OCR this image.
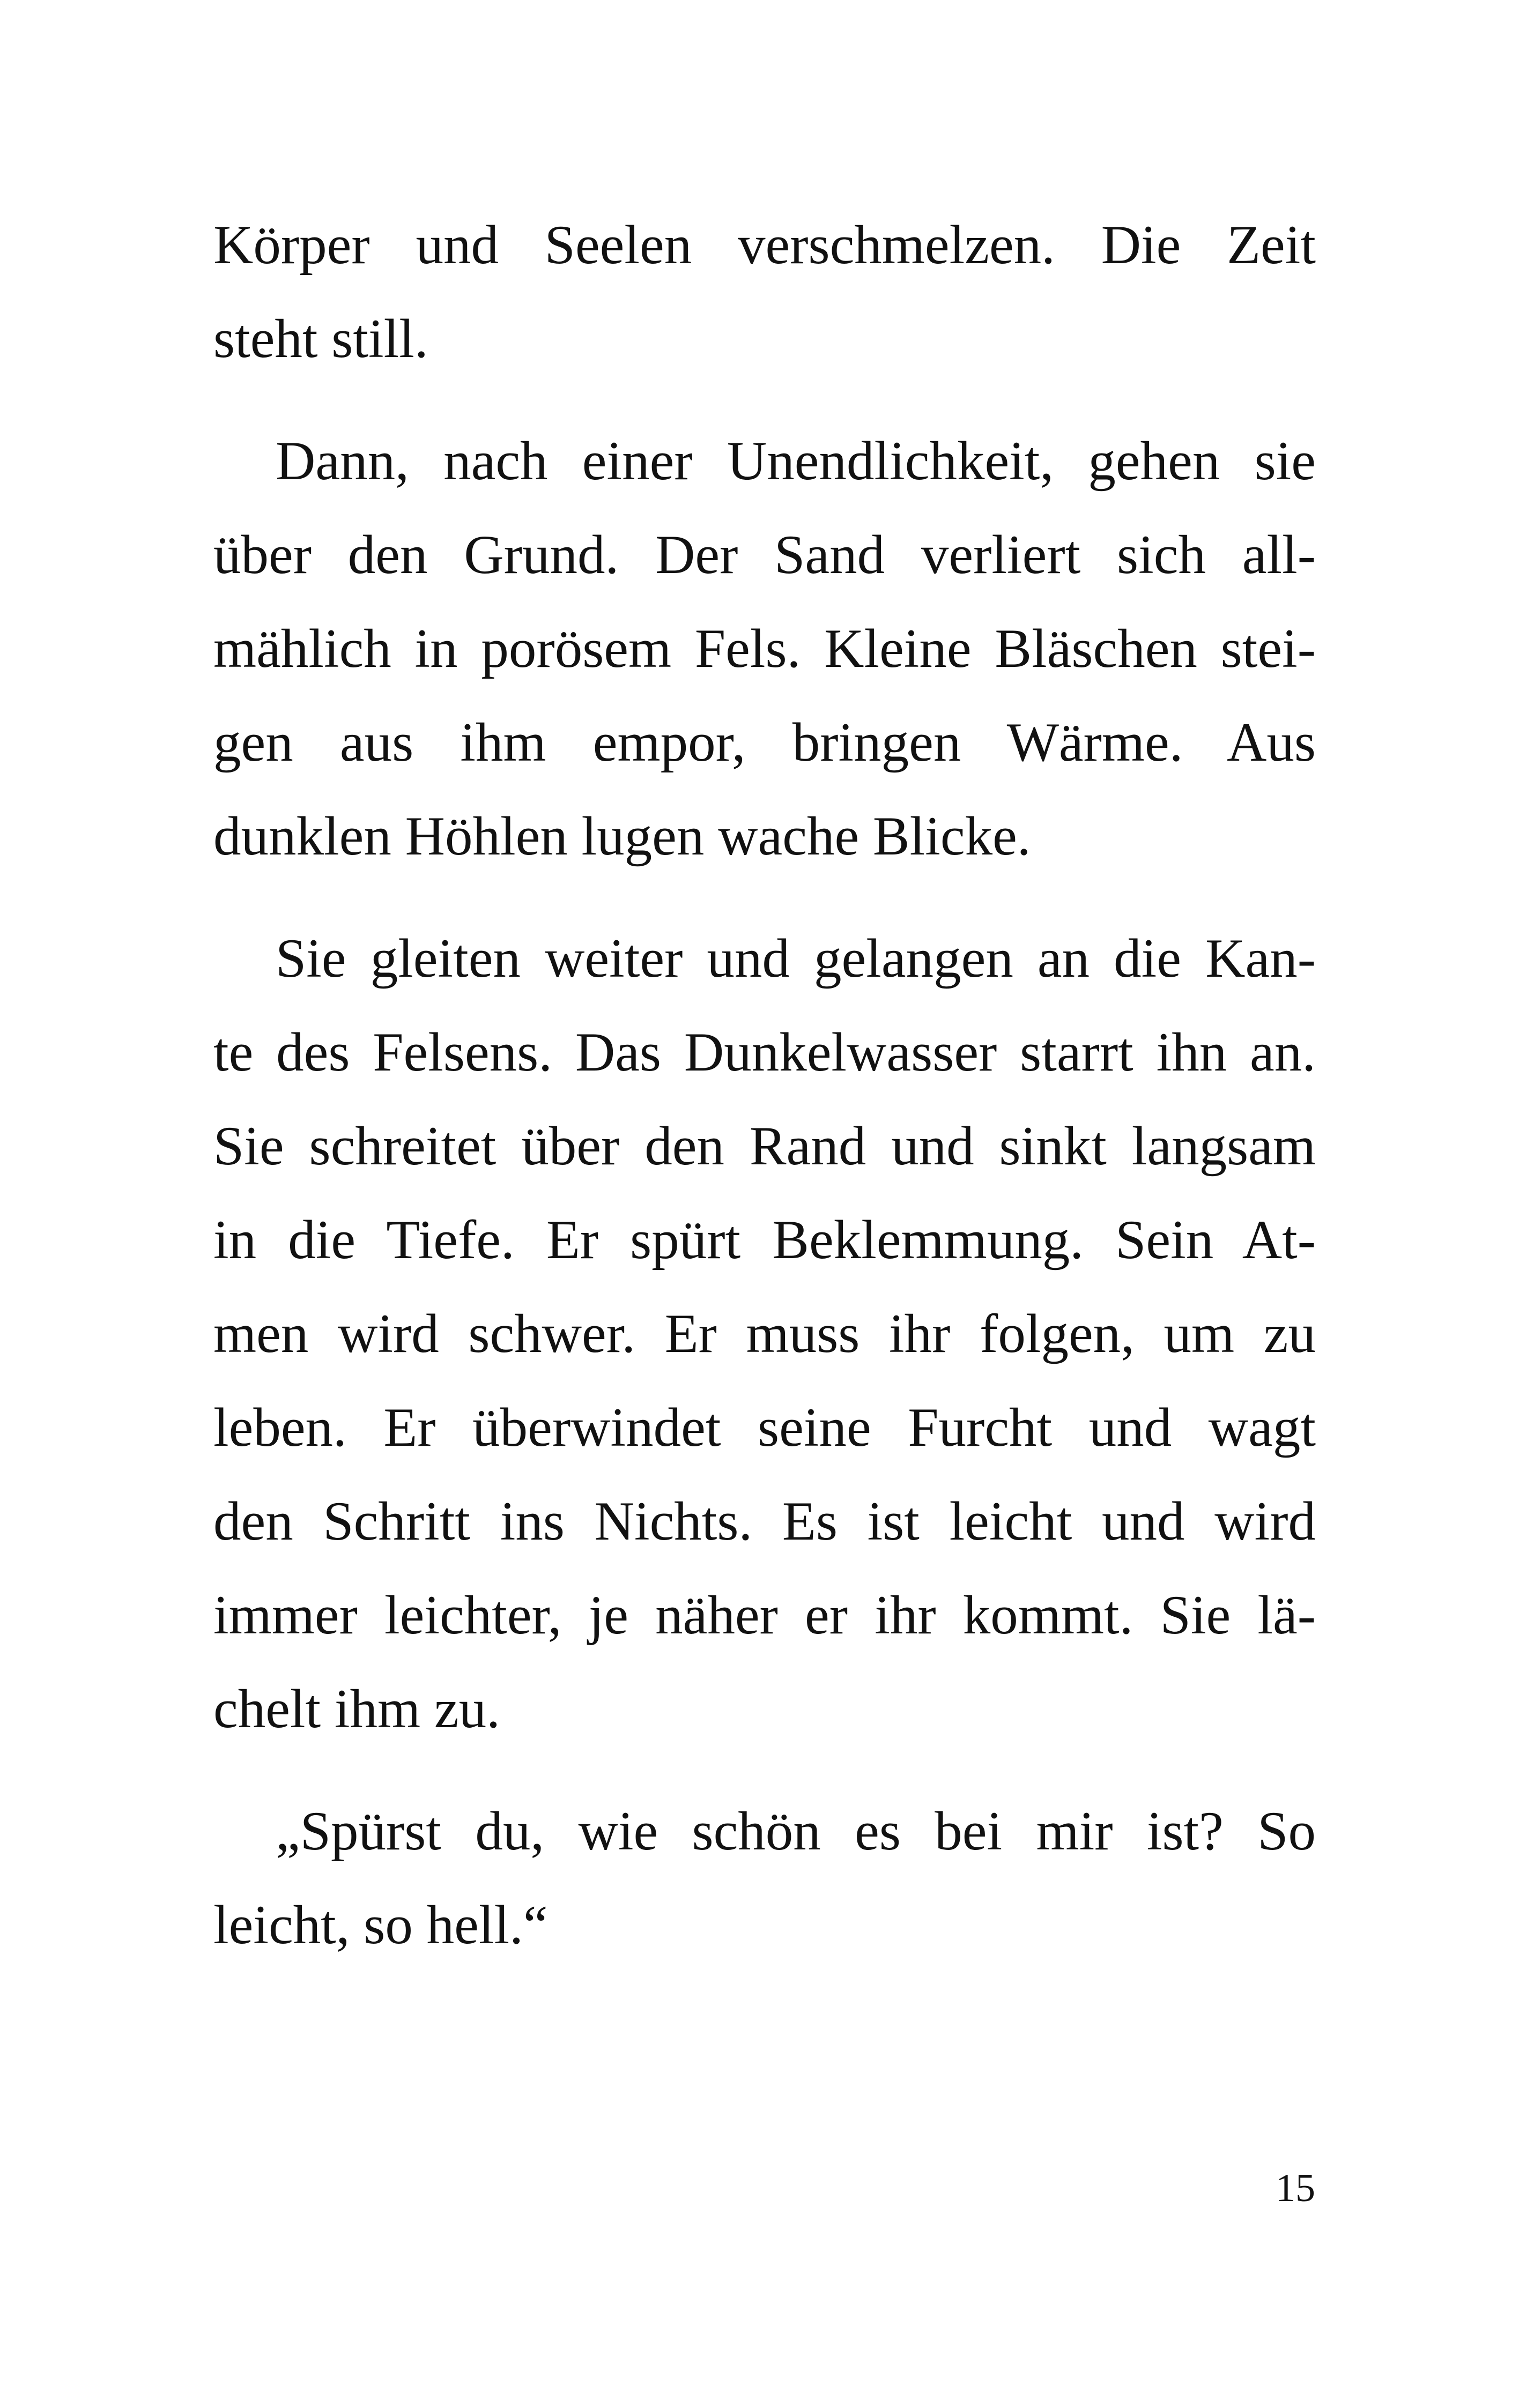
Körper und Seelen verschmelzen. Die Zeit
steht still.
Dann, nach einer Unendlichkeit, gehen sie
über den Grund. Der Sand verliert sich all-
mählich in porösem Fels. Kleine Bläschen stei-
gen aus ihm empor, bringen Wärme. Aus
dunklen Höhlen lugen wache Blicke.
Sie gleiten weiter und gelangen an die Kan-
te des Felsens. Das Dunkelwasser starrt ihn an.
Sie schreitet über den Rand und sinkt langsam
in die Tiefe. Er spürt Beklemmung. Sein At-
men wird schwer. Er muss ihr folgen, um zu
leben. Er überwindet seine Furcht und wagt
den Schritt ins Nichts. Es ist leicht und wird
immer leichter, je näher er ihr kommt. Sie lä-
chelt ihm zu.
„Spürst du, wie schön es bei mir ist? So
leicht, so hell.“
15
